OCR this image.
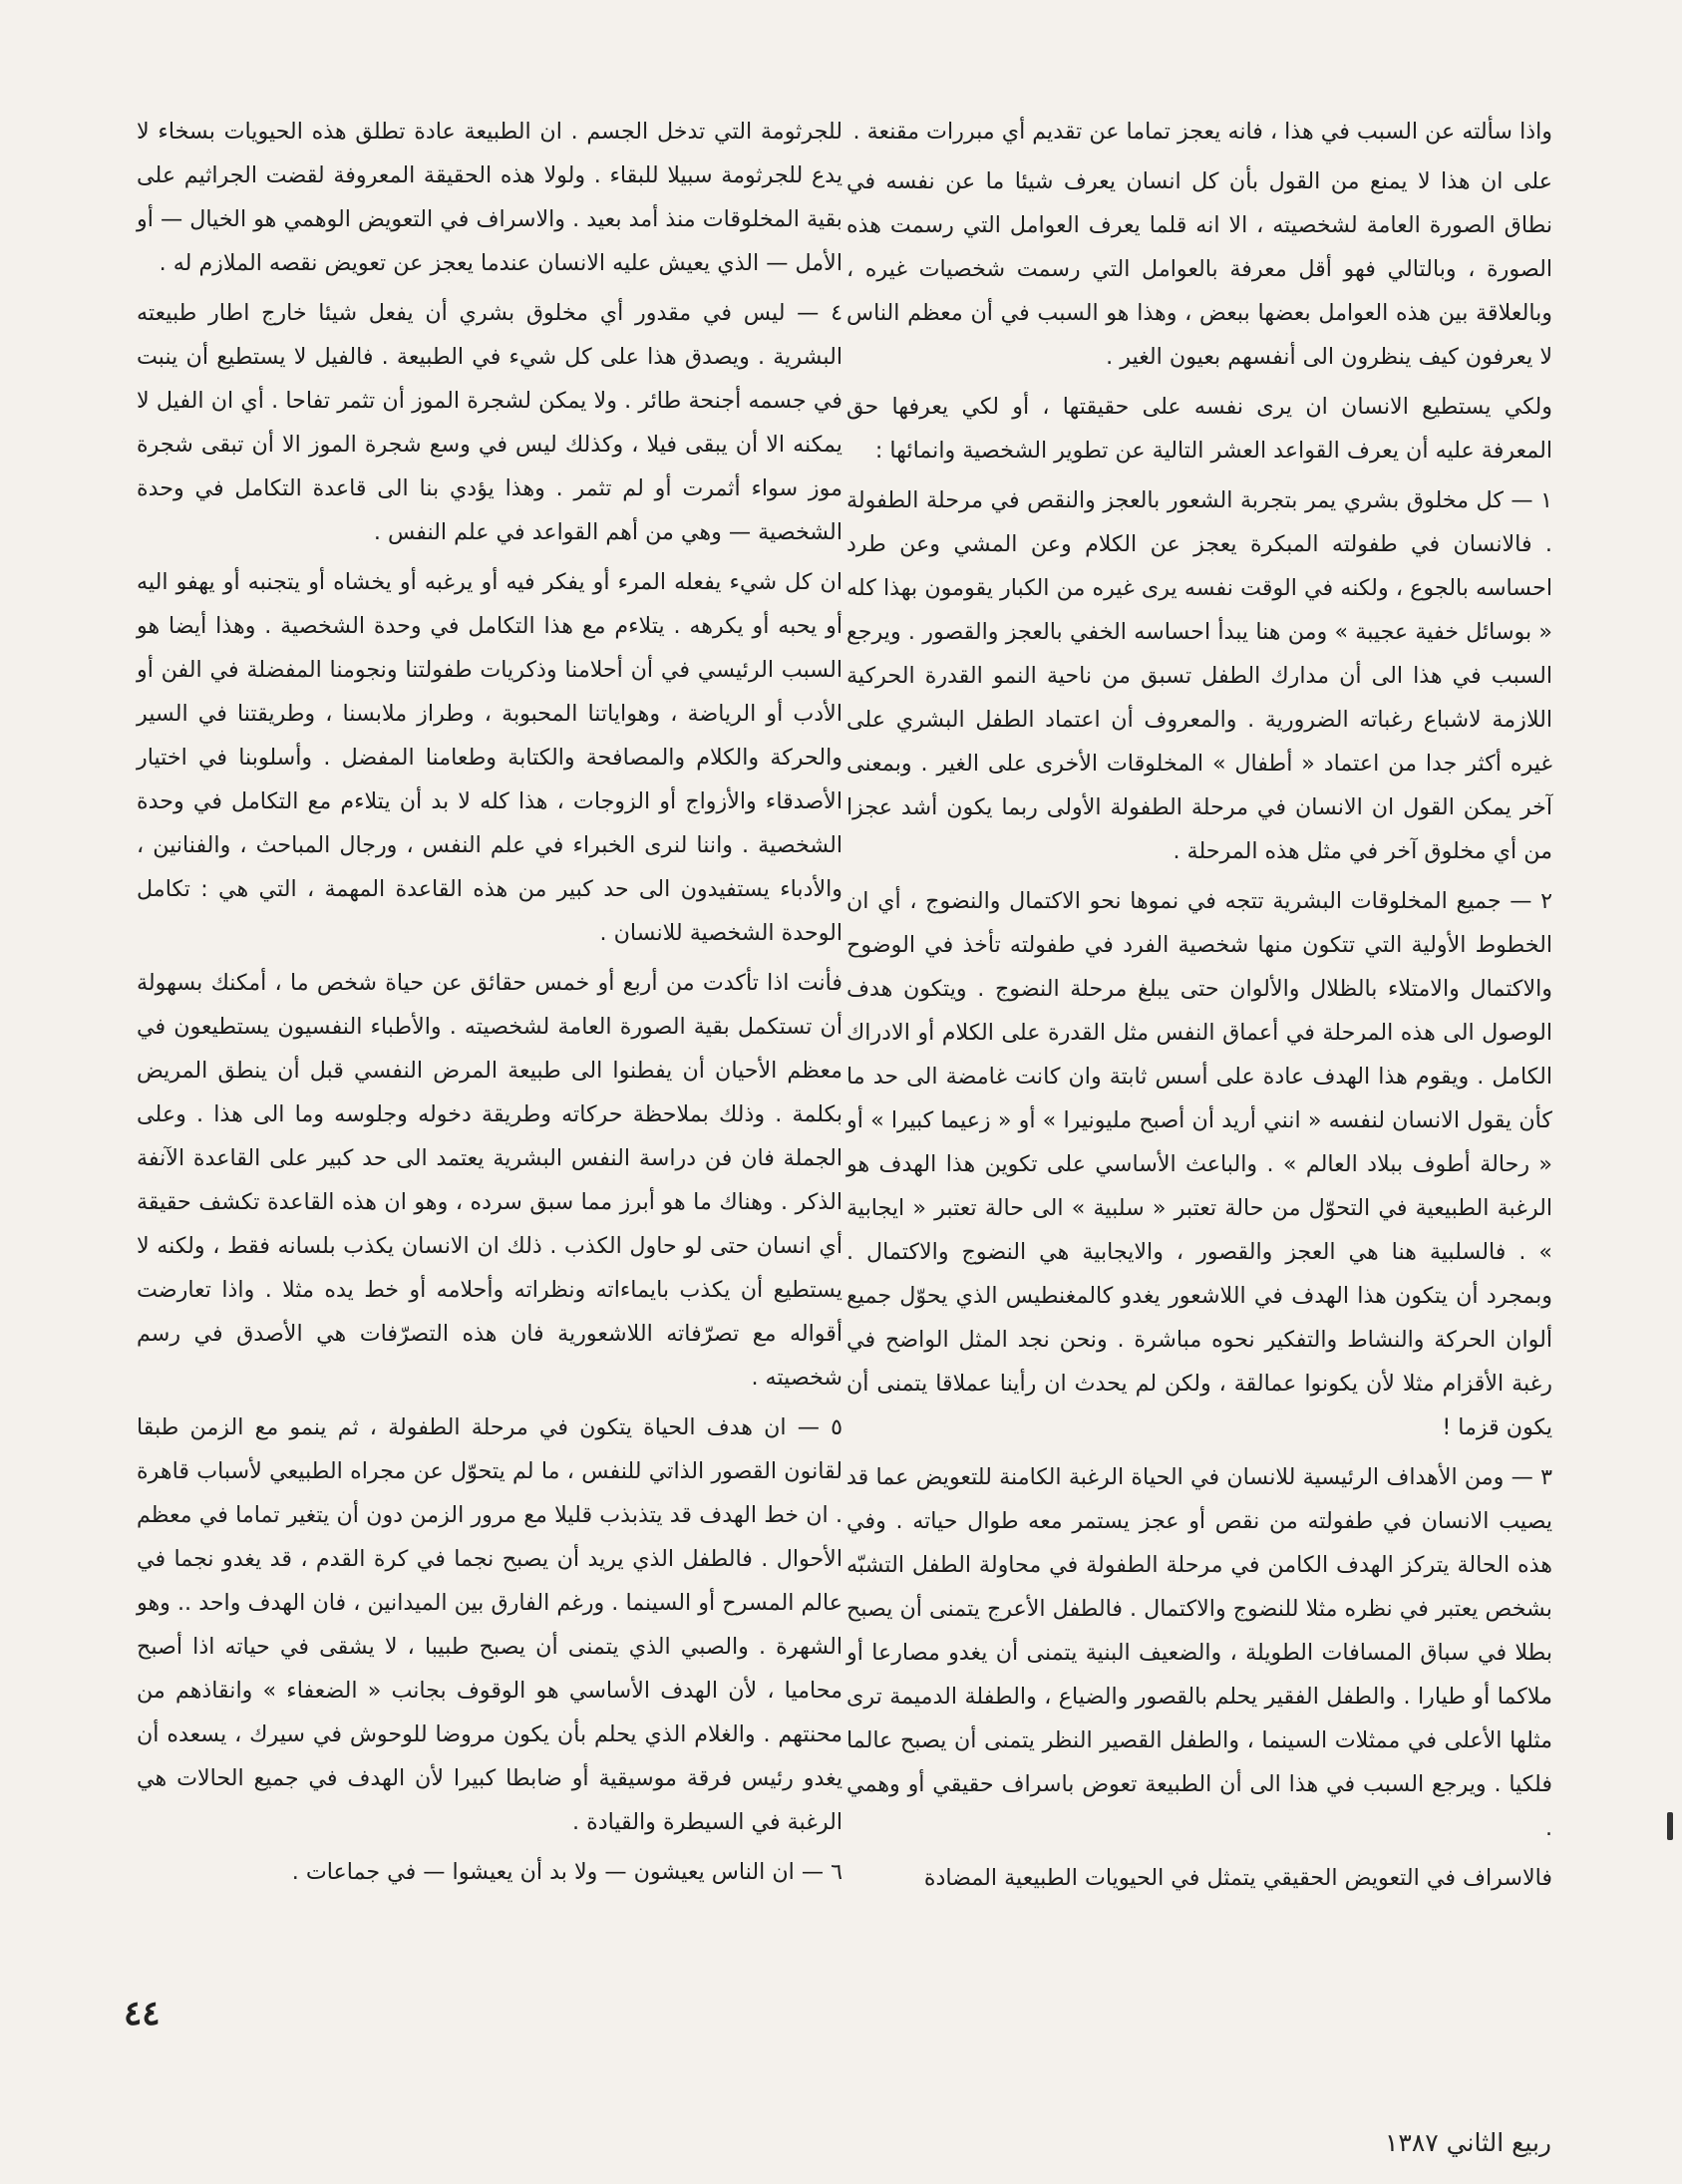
واذا سألته عن السبب في هذا ، فانه يعجز تماما عن تقديم أي مبررات مقنعة .

على ان هذا لا يمنع من القول بأن كل انسان يعرف شيئا ما عن نفسه في نطاق الصورة العامة لشخصيته ، الا انه قلما يعرف العوامل التي رسمت هذه الصورة ، وبالتالي فهو أقل معرفة بالعوامل التي رسمت شخصيات غيره ، وبالعلاقة بين هذه العوامل بعضها ببعض ، وهذا هو السبب في أن معظم الناس لا يعرفون كيف ينظرون الى أنفسهم بعيون الغير .

ولكي يستطيع الانسان ان يرى نفسه على حقيقتها ، أو لكي يعرفها حق المعرفة عليه أن يعرف القواعد العشر التالية عن تطوير الشخصية وانمائها :

١ — كل مخلوق بشري يمر بتجربة الشعور بالعجز والنقص في مرحلة الطفولة . فالانسان في طفولته المبكرة يعجز عن الكلام وعن المشي وعن طرد احساسه بالجوع ، ولكنه في الوقت نفسه يرى غيره من الكبار يقومون بهذا كله « بوسائل خفية عجيبة » ومن هنا يبدأ احساسه الخفي بالعجز والقصور . ويرجع السبب في هذا الى أن مدارك الطفل تسبق من ناحية النمو القدرة الحركية اللازمة لاشباع رغباته الضرورية . والمعروف أن اعتماد الطفل البشري على غيره أكثر جدا من اعتماد « أطفال » المخلوقات الأخرى على الغير . وبمعنى آخر يمكن القول ان الانسان في مرحلة الطفولة الأولى ربما يكون أشد عجزا من أي مخلوق آخر في مثل هذه المرحلة .

٢ — جميع المخلوقات البشرية تتجه في نموها نحو الاكتمال والنضوج ، أي ان الخطوط الأولية التي تتكون منها شخصية الفرد في طفولته تأخذ في الوضوح والاكتمال والامتلاء بالظلال والألوان حتى يبلغ مرحلة النضوج . ويتكون هدف الوصول الى هذه المرحلة في أعماق النفس مثل القدرة على الكلام أو الادراك الكامل . ويقوم هذا الهدف عادة على أسس ثابتة وان كانت غامضة الى حد ما كأن يقول الانسان لنفسه « انني أريد أن أصبح مليونيرا » أو « زعيما كبيرا » أو « رحالة أطوف ببلاد العالم » . والباعث الأساسي على تكوين هذا الهدف هو الرغبة الطبيعية في التحوّل من حالة تعتبر « سلبية » الى حالة تعتبر « ايجابية » . فالسلبية هنا هي العجز والقصور ، والايجابية هي النضوج والاكتمال . وبمجرد أن يتكون هذا الهدف في اللاشعور يغدو كالمغنطيس الذي يحوّل جميع ألوان الحركة والنشاط والتفكير نحوه مباشرة . ونحن نجد المثل الواضح في رغبة الأقزام مثلا لأن يكونوا عمالقة ، ولكن لم يحدث ان رأينا عملاقا يتمنى أن يكون قزما !

٣ — ومن الأهداف الرئيسية للانسان في الحياة الرغبة الكامنة للتعويض عما قد يصيب الانسان في طفولته من نقص أو عجز يستمر معه طوال حياته . وفي هذه الحالة يتركز الهدف الكامن في مرحلة الطفولة في محاولة الطفل التشبّه بشخص يعتبر في نظره مثلا للنضوج والاكتمال . فالطفل الأعرج يتمنى أن يصبح بطلا في سباق المسافات الطويلة ، والضعيف البنية يتمنى أن يغدو مصارعا أو ملاكما أو طيارا . والطفل الفقير يحلم بالقصور والضياع ، والطفلة الدميمة ترى مثلها الأعلى في ممثلات السينما ، والطفل القصير النظر يتمنى أن يصبح عالما فلكيا . ويرجع السبب في هذا الى أن الطبيعة تعوض باسراف حقيقي أو وهمي .

فالاسراف في التعويض الحقيقي يتمثل في الحيويات الطبيعية المضادة

للجرثومة التي تدخل الجسم . ان الطبيعة عادة تطلق هذه الحيويات بسخاء لا يدع للجرثومة سبيلا للبقاء . ولولا هذه الحقيقة المعروفة لقضت الجراثيم على بقية المخلوقات منذ أمد بعيد . والاسراف في التعويض الوهمي هو الخيال — أو الأمل — الذي يعيش عليه الانسان عندما يعجز عن تعويض نقصه الملازم له .

٤ — ليس في مقدور أي مخلوق بشري أن يفعل شيئا خارج اطار طبيعته البشرية . ويصدق هذا على كل شيء في الطبيعة . فالفيل لا يستطيع أن ينبت في جسمه أجنحة طائر . ولا يمكن لشجرة الموز أن تثمر تفاحا . أي ان الفيل لا يمكنه الا أن يبقى فيلا ، وكذلك ليس في وسع شجرة الموز الا أن تبقى شجرة موز سواء أثمرت أو لم تثمر . وهذا يؤدي بنا الى قاعدة التكامل في وحدة الشخصية — وهي من أهم القواعد في علم النفس .

ان كل شيء يفعله المرء أو يفكر فيه أو يرغبه أو يخشاه أو يتجنبه أو يهفو اليه أو يحبه أو يكرهه . يتلاءم مع هذا التكامل في وحدة الشخصية . وهذا أيضا هو السبب الرئيسي في أن أحلامنا وذكريات طفولتنا ونجومنا المفضلة في الفن أو الأدب أو الرياضة ، وهواياتنا المحبوبة ، وطراز ملابسنا ، وطريقتنا في السير والحركة والكلام والمصافحة والكتابة وطعامنا المفضل . وأسلوبنا في اختيار الأصدقاء والأزواج أو الزوجات ، هذا كله لا بد أن يتلاءم مع التكامل في وحدة الشخصية . واننا لنرى الخبراء في علم النفس ، ورجال المباحث ، والفنانين ، والأدباء يستفيدون الى حد كبير من هذه القاعدة المهمة ، التي هي : تكامل الوحدة الشخصية للانسان .

فأنت اذا تأكدت من أربع أو خمس حقائق عن حياة شخص ما ، أمكنك بسهولة أن تستكمل بقية الصورة العامة لشخصيته . والأطباء النفسيون يستطيعون في معظم الأحيان أن يفطنوا الى طبيعة المرض النفسي قبل أن ينطق المريض بكلمة . وذلك بملاحظة حركاته وطريقة دخوله وجلوسه وما الى هذا . وعلى الجملة فان فن دراسة النفس البشرية يعتمد الى حد كبير على القاعدة الآنفة الذكر . وهناك ما هو أبرز مما سبق سرده ، وهو ان هذه القاعدة تكشف حقيقة أي انسان حتى لو حاول الكذب . ذلك ان الانسان يكذب بلسانه فقط ، ولكنه لا يستطيع أن يكذب بايماءاته ونظراته وأحلامه أو خط يده مثلا . واذا تعارضت أقواله مع تصرّفاته اللاشعورية فان هذه التصرّفات هي الأصدق في رسم شخصيته .

٥ — ان هدف الحياة يتكون في مرحلة الطفولة ، ثم ينمو مع الزمن طبقا لقانون القصور الذاتي للنفس ، ما لم يتحوّل عن مجراه الطبيعي لأسباب قاهرة . ان خط الهدف قد يتذبذب قليلا مع مرور الزمن دون أن يتغير تماما في معظم الأحوال . فالطفل الذي يريد أن يصبح نجما في كرة القدم ، قد يغدو نجما في عالم المسرح أو السينما . ورغم الفارق بين الميدانين ، فان الهدف واحد .. وهو الشهرة . والصبي الذي يتمنى أن يصبح طبيبا ، لا يشقى في حياته اذا أصبح محاميا ، لأن الهدف الأساسي هو الوقوف بجانب « الضعفاء » وانقاذهم من محنتهم . والغلام الذي يحلم بأن يكون مروضا للوحوش في سيرك ، يسعده أن يغدو رئيس فرقة موسيقية أو ضابطا كبيرا لأن الهدف في جميع الحالات هي الرغبة في السيطرة والقيادة .

٦ — ان الناس يعيشون — ولا بد أن يعيشوا — في جماعات .

٤٤
ربيع الثاني ١٣٨٧
